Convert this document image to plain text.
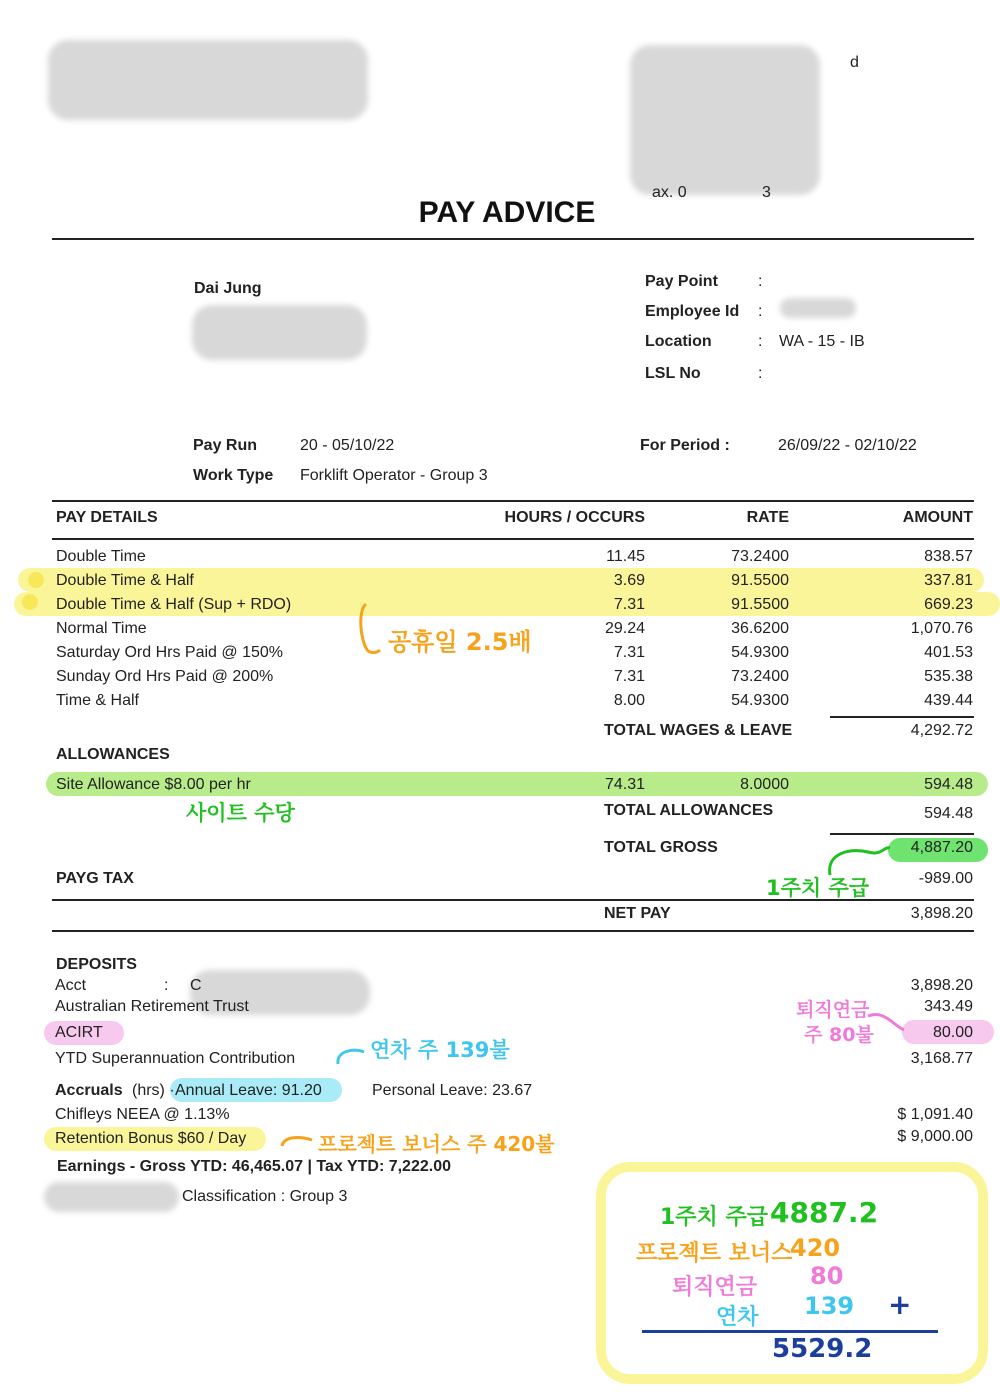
d
ax. 0	3
PAY ADVICE
Dai Jung	Pay Point	:
Employee Id :
Location	: WA - 15 - IB
LSL No	:
Pay Run	20 - 05/10/22
Work Type Forklift Operator - Group 3
For Period :	26/09/22 - 02/10/22
PAY DETAILS	HOURS / OCCURS	RATE	AMOUNT
Double Time	11.45	73.2400	838.57
Double Time & Half	3.69	91.5500	337.81
Double Time & Half (Sup + RDO)	7.31	91.5500	669.23
Normal Time	29.24	36.6200	1,070.76
Saturday Ord Hrs Paid @ 150%	7.31	54.9300	401.53
Sunday Ord Hrs Paid @ 200%	7.31	73.2400	535.38
Time & Half	8.00	54.9300	439.44
TOTAL WAGES & LEAVE	4,292.72
ALLOWANCES
Site Allowance $8.00 per hr	74.31	8.0000	594.48
TOTAL ALLOWANCES	594.48
TOTAL GROSS	4,887.20
PAYG TAX	-989.00
NET PAY	3,898.20
DEPOSITS
Acct	: C	3,898.20
Australian Retirement Trust	343.49
ACIRT	80.00
YTD Superannuation Contribution	3,168.77
Accruals (hrs) · Annual Leave: 91.20	Personal Leave: 23.67
Chifleys NEEA @ 1.13%	$ 1,091.40
Retention Bonus $60 / Day	$ 9,000.00
Earnings - Gross YTD: 46,465.07 | Tax YTD: 7,222.00
Classification : Group 3
공휴일 2.5배
사이트 수당
1주치 주급
퇴직연금
주 80불
연차 주 139불
프로젝트 보너스 주 420불
1주치 주급 4887.2
프로젝트 보너스
420
퇴직연금 80
연차 139 +
5529.2
